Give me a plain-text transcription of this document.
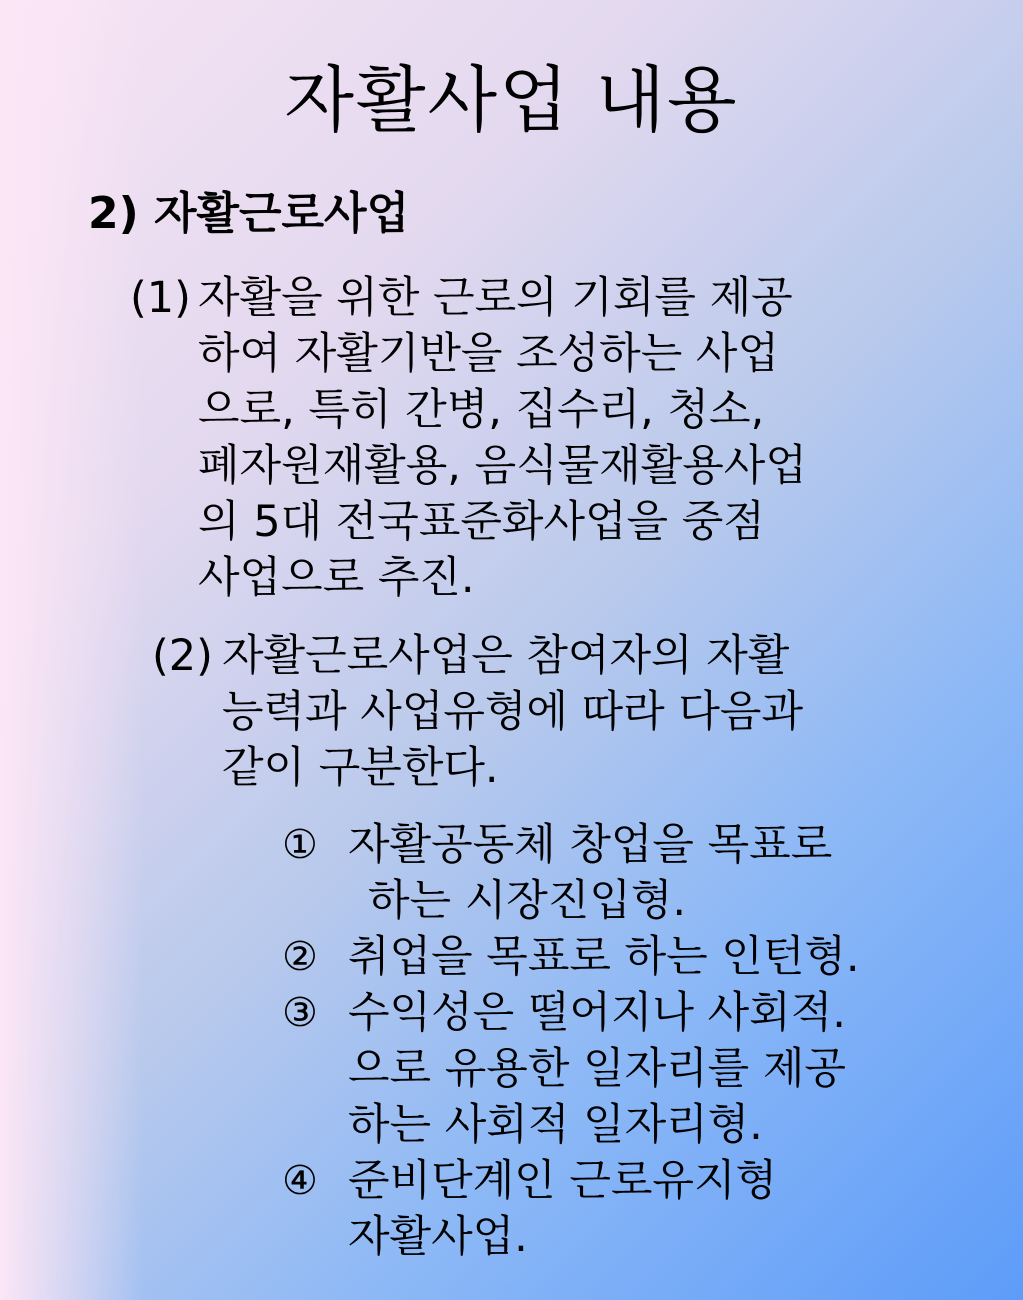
자활사업 내용
2) 자활근로사업
(1) 자활을 위한 근로의 기회를 제공
하여 자활기반을 조성하는 사업
으로, 특히 간병, 집수리, 청소,
폐자원재활용, 음식물재활용사업
의 5대 전국표준화사업을 중점
사업으로 추진.
(2) 자활근로사업은 참여자의 자활
능력과 사업유형에 따라 다음과
같이 구분한다.
① 자활공동체 창업을 목표로
하는 시장진입형.
② 취업을 목표로 하는 인턴형.
③ 수익성은 떨어지나 사회적.
으로 유용한 일자리를 제공
하는 사회적 일자리형.
④ 준비단계인 근로유지형
자활사업.
